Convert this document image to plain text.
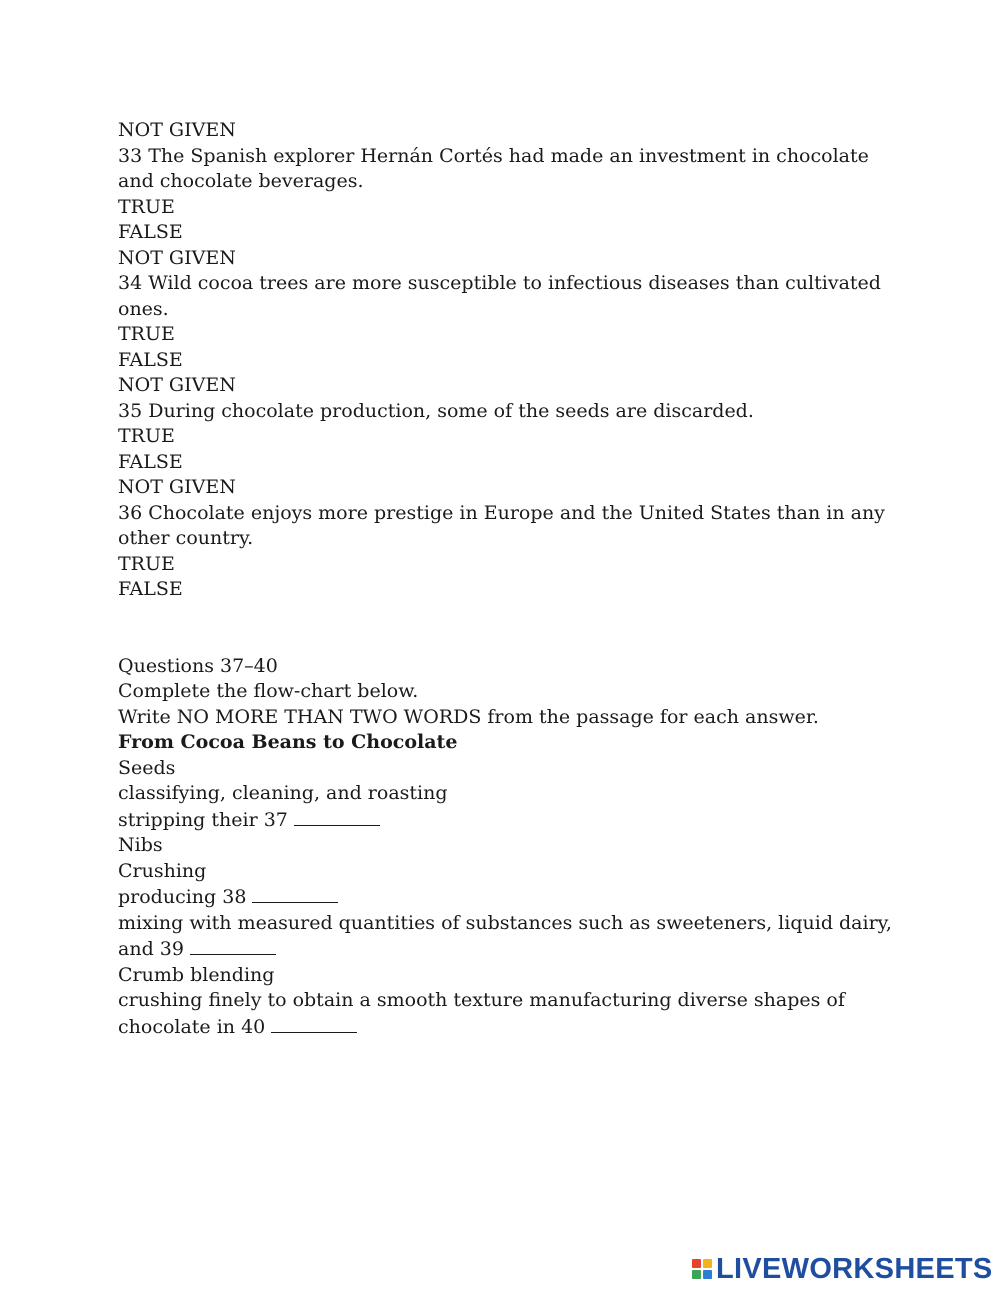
NOT GIVEN
33 The Spanish explorer Hernán Cortés had made an investment in chocolate and chocolate beverages.
TRUE
FALSE
NOT GIVEN
34 Wild cocoa trees are more susceptible to infectious diseases than cultivated ones.
TRUE
FALSE
NOT GIVEN
35 During chocolate production, some of the seeds are discarded.
TRUE
FALSE
NOT GIVEN
36 Chocolate enjoys more prestige in Europe and the United States than in any other country.
TRUE
FALSE
Questions 37–40
Complete the flow-chart below.
Write NO MORE THAN TWO WORDS from the passage for each answer.
From Cocoa Beans to Chocolate
Seeds
classifying, cleaning, and roasting
stripping their 37
Nibs
Crushing
producing 38
mixing with measured quantities of substances such as sweeteners, liquid dairy, and 39
Crumb blending
crushing finely to obtain a smooth texture manufacturing diverse shapes of chocolate in 40
LIVEWORKSHEETS
